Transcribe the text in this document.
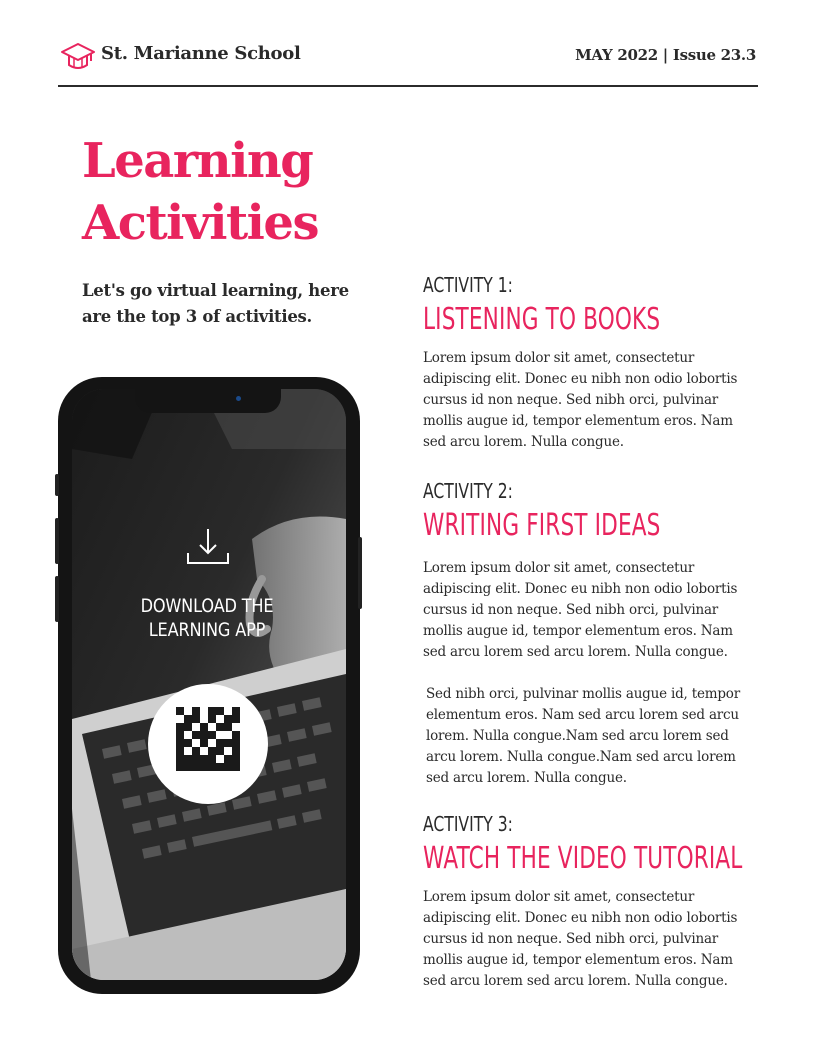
St. Marianne School	MAY 2022 | Issue 23.3
Learning
Activities

Let's go virtual learning, here are the top 3 of activities.

DOWNLOAD THE
LEARNING APP
ACTIVITY 1:
LISTENING TO BOOKS

Lorem ipsum dolor sit amet, consectetur adipiscing elit. Donec eu nibh non odio lobortis cursus id non neque. Sed nibh orci, pulvinar mollis augue id, tempor elementum eros. Nam sed arcu lorem. Nulla congue.

ACTIVITY 2:
WRITING FIRST IDEAS

Lorem ipsum dolor sit amet, consectetur adipiscing elit. Donec eu nibh non odio lobortis cursus id non neque. Sed nibh orci, pulvinar mollis augue id, tempor elementum eros. Nam sed arcu lorem sed arcu lorem. Nulla congue.

Sed nibh orci, pulvinar mollis augue id, tempor elementum eros. Nam sed arcu lorem sed arcu lorem. Nulla congue.Nam sed arcu lorem sed arcu lorem. Nulla congue.Nam sed arcu lorem sed arcu lorem. Nulla congue.

ACTIVITY 3:
WATCH THE VIDEO TUTORIAL

Lorem ipsum dolor sit amet, consectetur adipiscing elit. Donec eu nibh non odio lobortis cursus id non neque. Sed nibh orci, pulvinar mollis augue id, tempor elementum eros. Nam sed arcu lorem sed arcu lorem. Nulla congue.
